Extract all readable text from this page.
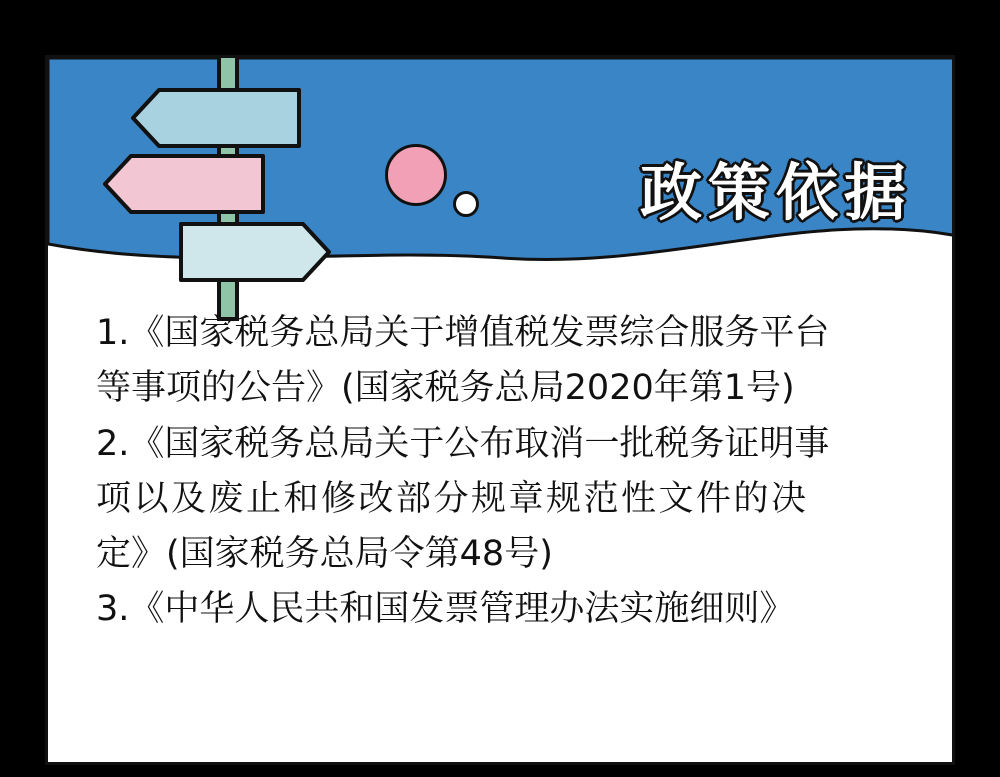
政策依据
1.《国家税务总局关于增值税发票综合服务平台
等事项的公告》(国家税务总局2020年第1号)
2.《国家税务总局关于公布取消一批税务证明事
项以及废止和修改部分规章规范性文件的决
定》(国家税务总局令第48号)
3.《中华人民共和国发票管理办法实施细则》
